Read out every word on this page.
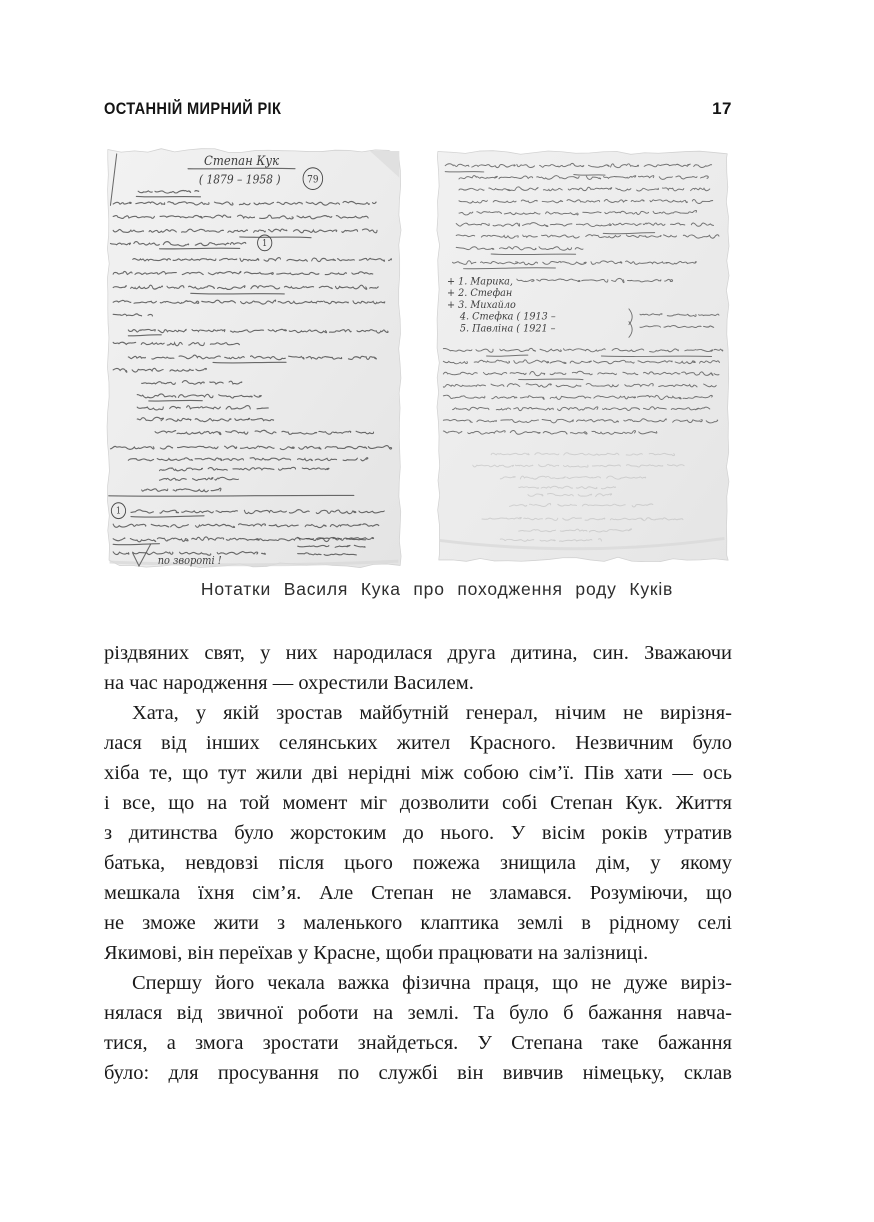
ОСТАННІЙ МИРНИЙ РІК	17
Степан Кук
( 1879 – 1958 )	79
1
1
по звороті !
+ 1. Марика,
+ 2. Стефан
+ 3. Михайло
4. Стефка ( 1913 –
5. Павліна ( 1921 –
Нотатки Василя Кука про походження роду Куків
різдвяних свят, у них народилася друга дитина, син. Зважаючи
на час народження — охрестили Василем.
Хата, у якій зростав майбутній генерал, нічим не вирізня-
лася від інших селянських жител Красного. Незвичним було
хіба те, що тут жили дві нерідні між собою сім’ї. Пів хати — ось
і все, що на той момент міг дозволити собі Степан Кук. Життя
з дитинства було жорстоким до нього. У вісім років утратив
батька, невдовзі після цього пожежа знищила дім, у якому
мешкала їхня сім’я. Але Степан не зламався. Розуміючи, що
не зможе жити з маленького клаптика землі в рідному селі
Якимові, він переїхав у Красне, щоби працювати на залізниці.
Спершу його чекала важка фізична праця, що не дуже виріз-
нялася від звичної роботи на землі. Та було б бажання навча-
тися, а змога зростати знайдеться. У Степана таке бажання
було: для просування по службі він вивчив німецьку, склав
